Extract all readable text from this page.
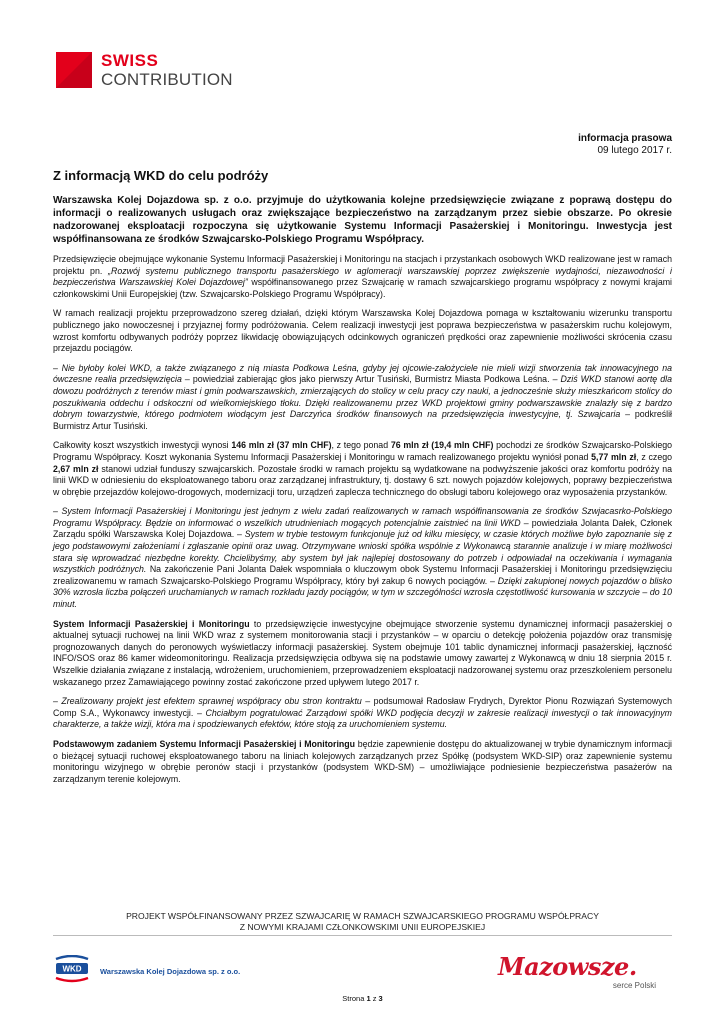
SWISS
CONTRIBUTION
informacja prasowa
09 lutego 2017 r.
Z informacją WKD do celu podróży

Warszawska Kolej Dojazdowa sp. z o.o. przyjmuje do użytkowania kolejne przedsięwzięcie związane z poprawą dostępu do informacji o realizowanych usługach oraz zwiększające bezpieczeństwo na zarządzanym przez siebie obszarze. Po okresie nadzorowanej eksploatacji rozpoczyna się użytkowanie Systemu Informacji Pasażerskiej i Monitoringu. Inwestycja jest współfinansowana ze środków Szwajcarsko-Polskiego Programu Współpracy.

Przedsięwzięcie obejmujące wykonanie Systemu Informacji Pasażerskiej i Monitoringu na stacjach i przystankach osobowych WKD realizowane jest w ramach projektu pn. „Rozwój systemu publicznego transportu pasażerskiego w aglomeracji warszawskiej poprzez zwiększenie wydajności, niezawodności i bezpieczeństwa Warszawskiej Kolei Dojazdowej” współfinansowanego przez Szwajcarię w ramach szwajcarskiego programu współpracy z nowymi krajami członkowskimi Unii Europejskiej (tzw. Szwajcarsko-Polskiego Programu Współpracy).

W ramach realizacji projektu przeprowadzono szereg działań, dzięki którym Warszawska Kolej Dojazdowa pomaga w kształtowaniu wizerunku transportu publicznego jako nowoczesnej i przyjaznej formy podróżowania. Celem realizacji inwestycji jest poprawa bezpieczeństwa w pasażerskim ruchu kolejowym, wzrost komfortu odbywanych podróży poprzez likwidację obowiązujących odcinkowych ograniczeń prędkości oraz zapewnienie możliwości skrócenia czasu przejazdu pociągów.

– Nie byłoby kolei WKD, a także związanego z nią miasta Podkowa Leśna, gdyby jej ojcowie-założyciele nie mieli wizji stworzenia tak innowacyjnego na ówczesne realia przedsięwzięcia – powiedział zabierając głos jako pierwszy Artur Tusiński, Burmistrz Miasta Podkowa Leśna. – Dziś WKD stanowi aortę dla dowozu podróżnych z terenów miast i gmin podwarszawskich, zmierzających do stolicy w celu pracy czy nauki, a jednocześnie służy mieszkańcom stolicy do poszukiwania oddechu i odskoczni od wielkomiejskiego tłoku. Dzięki realizowanemu przez WKD projektowi gminy podwarszawskie znalazły się z bardzo dobrym towarzystwie, którego podmiotem wiodącym jest Darczyńca środków finansowych na przedsięwzięcia inwestycyjne, tj. Szwajcaria – podkreślił Burmistrz Artur Tusiński.

Całkowity koszt wszystkich inwestycji wynosi 146 mln zł (37 mln CHF), z tego ponad 76 mln zł (19,4 mln CHF) pochodzi ze środków Szwajcarsko-Polskiego Programu Współpracy. Koszt wykonania Systemu Informacji Pasażerskiej i Monitoringu w ramach realizowanego projektu wyniósł ponad 5,77 mln zł, z czego 2,67 mln zł stanowi udział funduszy szwajcarskich. Pozostałe środki w ramach projektu są wydatkowane na podwyższenie jakości oraz komfortu podróży na linii WKD w odniesieniu do eksploatowanego taboru oraz zarządzanej infrastruktury, tj. dostawy 6 szt. nowych pojazdów kolejowych, poprawy bezpieczeństwa w obrębie przejazdów kolejowo-drogowych, modernizacji toru, urządzeń zaplecza technicznego do obsługi taboru kolejowego oraz wyposażenia przystanków.

– System Informacji Pasażerskiej i Monitoringu jest jednym z wielu zadań realizowanych w ramach współfinansowania ze środków Szwjacasrko-Polskiego Programu Współpracy. Będzie on informować o wszelkich utrudnieniach mogących potencjalnie zaistnieć na linii WKD – powiedziała Jolanta Dałek, Członek Zarządu spółki Warszawska Kolej Dojazdowa. – System w trybie testowym funkcjonuje już od kilku miesięcy, w czasie których możliwe było zapoznanie się z jego podstawowymi założeniami i zgłaszanie opinii oraz uwag. Otrzymywane wnioski spółka wspólnie z Wykonawcą starannie analizuje i w miarę możliwości stara się wprowadzać niezbędne korekty. Chcielibyśmy, aby system był jak najlepiej dostosowany do potrzeb i odpowiadał na oczekiwania i wymagania wszystkich podróżnych. Na zakończenie Pani Jolanta Dałek wspomniała o kluczowym obok Systemu Informacji Pasażerskiej i Monitoringu przedsięwzięciu zrealizowanemu w ramach Szwajcarsko-Polskiego Programu Współpracy, który był zakup 6 nowych pociągów. – Dzięki zakupionej nowych pojazdów o blisko 30% wzrosła liczba połączeń uruchamianych w ramach rozkładu jazdy pociągów, w tym w szczególności wzrosła częstotliwość kursowania w szczycie – do 10 minut.

System Informacji Pasażerskiej i Monitoringu to przedsięwzięcie inwestycyjne obejmujące stworzenie systemu dynamicznej informacji pasażerskiej o aktualnej sytuacji ruchowej na linii WKD wraz z systemem monitorowania stacji i przystanków – w oparciu o detekcję położenia pojazdów oraz transmisję prognozowanych danych do peronowych wyświetlaczy informacji pasażerskiej. System obejmuje 101 tablic dynamicznej informacji pasażerskiej, łączność INFO/SOS oraz 86 kamer wideomonitoringu. Realizacja przedsięwzięcia odbywa się na podstawie umowy zawartej z Wykonawcą w dniu 18 sierpnia 2015 r. Wszelkie działania związane z instalacją, wdrożeniem, uruchomieniem, przeprowadzeniem eksploatacji nadzorowanej systemu oraz przeszkoleniem personelu wskazanego przez Zamawiającego powinny zostać zakończone przed upływem lutego 2017 r.

– Zrealizowany projekt jest efektem sprawnej współpracy obu stron kontraktu – podsumował Radosław Frydrych, Dyrektor Pionu Rozwiązań Systemowych Comp S.A., Wykonawcy inwestycji. – Chciałbym pogratulować Zarządowi spółki WKD podjęcia decyzji w zakresie realizacji inwestycji o tak innowacyjnym charakterze, a także wizji, która ma i spodziewanych efektów, które stoją za uruchomieniem systemu.

Podstawowym zadaniem Systemu Informacji Pasażerskiej i Monitoringu będzie zapewnienie dostępu do aktualizowanej w trybie dynamicznym informacji o bieżącej sytuacji ruchowej eksploatowanego taboru na liniach kolejowych zarządzanych przez Spółkę (podsystem WKD-SIP) oraz zapewnienie systemu monitoringu wizyjnego w obrębie peronów stacji i przystanków (podsystem WKD-SM) – umożliwiające podniesienie bezpieczeństwa pasażerów na zarządzanym terenie kolejowym.

PROJEKT WSPÓŁFINANSOWANY PRZEZ SZWAJCARIĘ W RAMACH SZWAJCARSKIEGO PROGRAMU WSPÓŁPRACY
Z NOWYMI KRAJAMI CZŁONKOWSKIMI UNII EUROPEJSKIEJ
WKD Warszawska Kolej Dojazdowa sp. z o.o.	Mazowsze.
serce Polski
Strona 1 z 3
